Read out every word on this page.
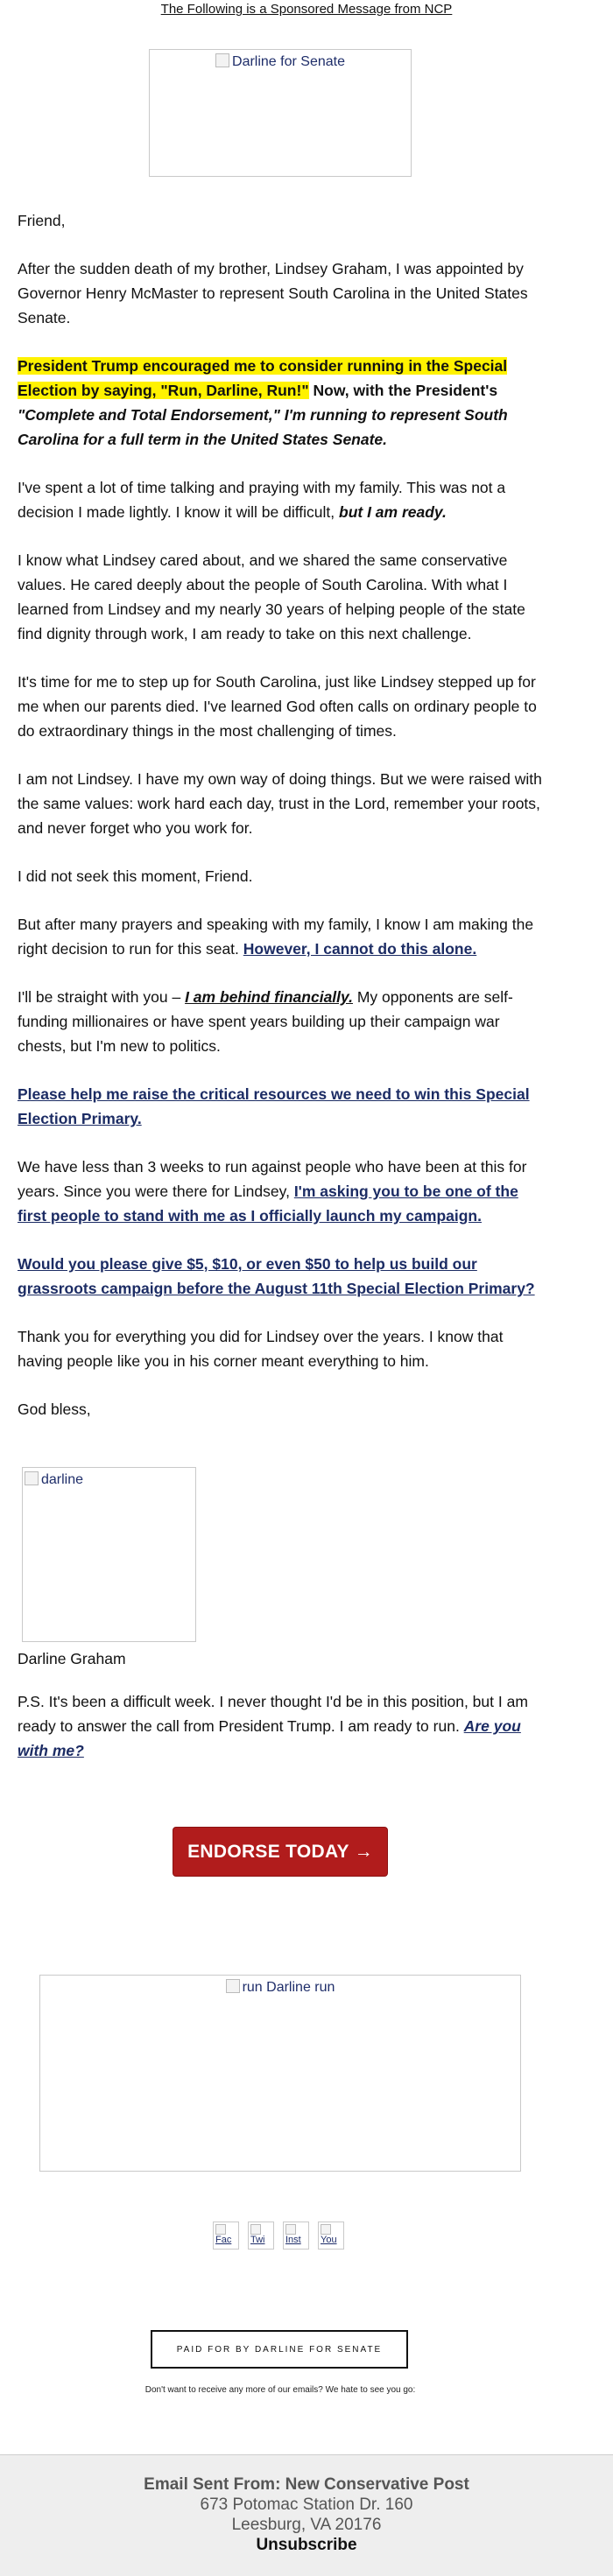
The Following is a Sponsored Message from NCP
Darline for Senate

Friend,

After the sudden death of my brother, Lindsey Graham, I was appointed by Governor Henry McMaster to represent South Carolina in the United States Senate.

President Trump encouraged me to consider running in the Special Election by saying, "Run, Darline, Run!" Now, with the President's "Complete and Total Endorsement," I'm running to represent South Carolina for a full term in the United States Senate.

I've spent a lot of time talking and praying with my family. This was not a decision I made lightly. I know it will be difficult, but I am ready.

I know what Lindsey cared about, and we shared the same conservative values. He cared deeply about the people of South Carolina. With what I learned from Lindsey and my nearly 30 years of helping people of the state find dignity through work, I am ready to take on this next challenge.

It's time for me to step up for South Carolina, just like Lindsey stepped up for me when our parents died. I've learned God often calls on ordinary people to do extraordinary things in the most challenging of times.

I am not Lindsey. I have my own way of doing things. But we were raised with the same values: work hard each day, trust in the Lord, remember your roots, and never forget who you work for.

I did not seek this moment, Friend.

But after many prayers and speaking with my family, I know I am making the right decision to run for this seat. However, I cannot do this alone.

I'll be straight with you – I am behind financially. My opponents are self-funding millionaires or have spent years building up their campaign war chests, but I'm new to politics.

Please help me raise the critical resources we need to win this Special Election Primary.

We have less than 3 weeks to run against people who have been at this for years. Since you were there for Lindsey, I'm asking you to be one of the first people to stand with me as I officially launch my campaign.

Would you please give $5, $10, or even $50 to help us build our grassroots campaign before the August 11th Special Election Primary?

Thank you for everything you did for Lindsey over the years. I know that having people like you in his corner meant everything to him.

God bless,

darline
Darline Graham
P.S. It's been a difficult week. I never thought I'd be in this position, but I am ready to answer the call from President Trump. I am ready to run. Are you with me?
ENDORSE TODAY →
run Darline run
Fac	Twi	Inst	You
PAID FOR BY DARLINE FOR SENATE
Don't want to receive any more of our emails? We hate to see you go:
Email Sent From: New Conservative Post
673 Potomac Station Dr. 160
Leesburg, VA 20176
Unsubscribe
